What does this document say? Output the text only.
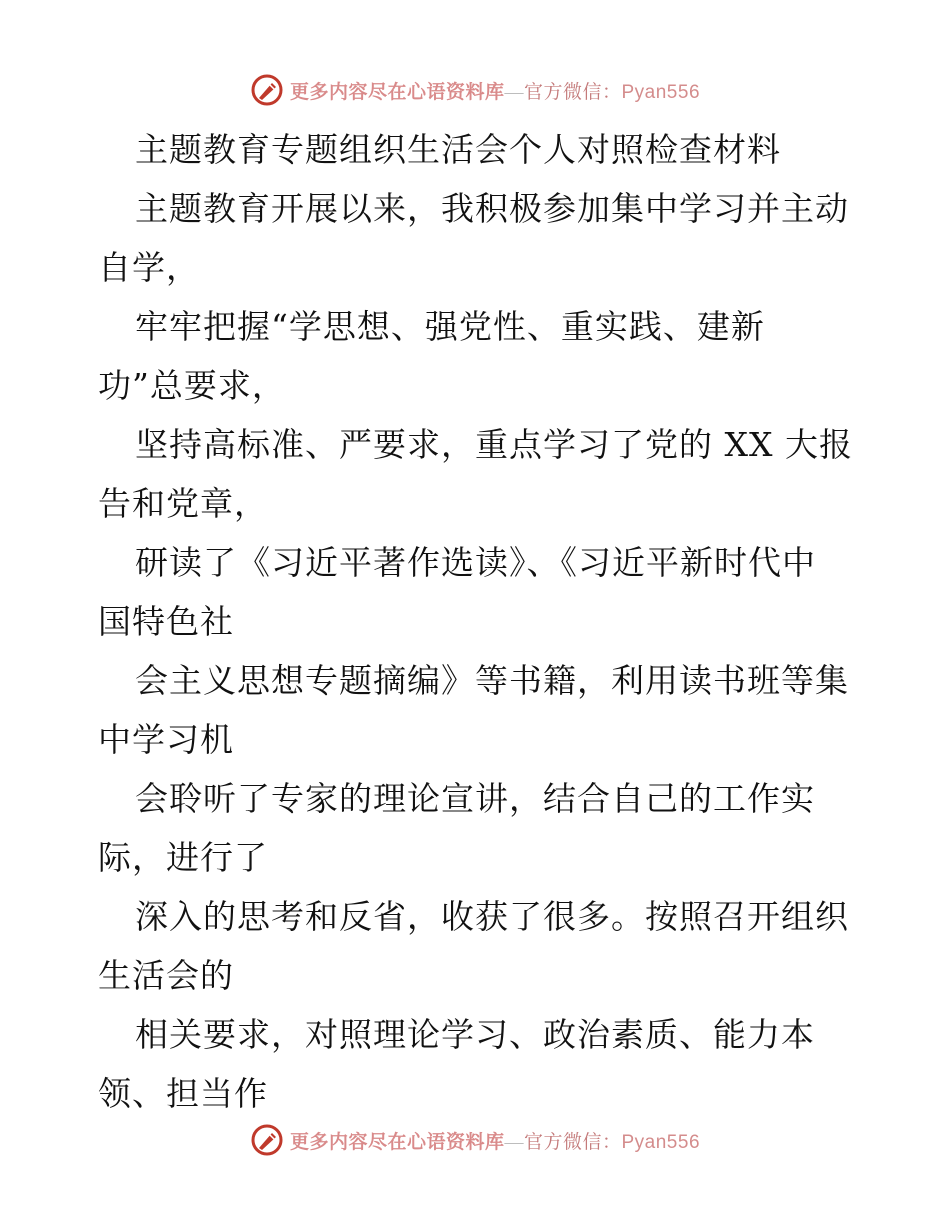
更多内容尽在心语资料库—官方微信：Pyan556
主题教育专题组织生活会个人对照检查材料
主题教育开展以来，我积极参加集中学习并主动
自学，
牢牢把握“学思想、强党性、重实践、建新
功”总要求，
坚持高标准、严要求，重点学习了党的 XX 大报
告和党章，
研读了《习近平著作选读》、《习近平新时代中
国特色社
会主义思想专题摘编》等书籍，利用读书班等集
中学习机
会聆听了专家的理论宣讲，结合自己的工作实
际，进行了
深入的思考和反省，收获了很多。按照召开组织
生活会的
相关要求，对照理论学习、政治素质、能力本
领、担当作
更多内容尽在心语资料库—官方微信：Pyan556
